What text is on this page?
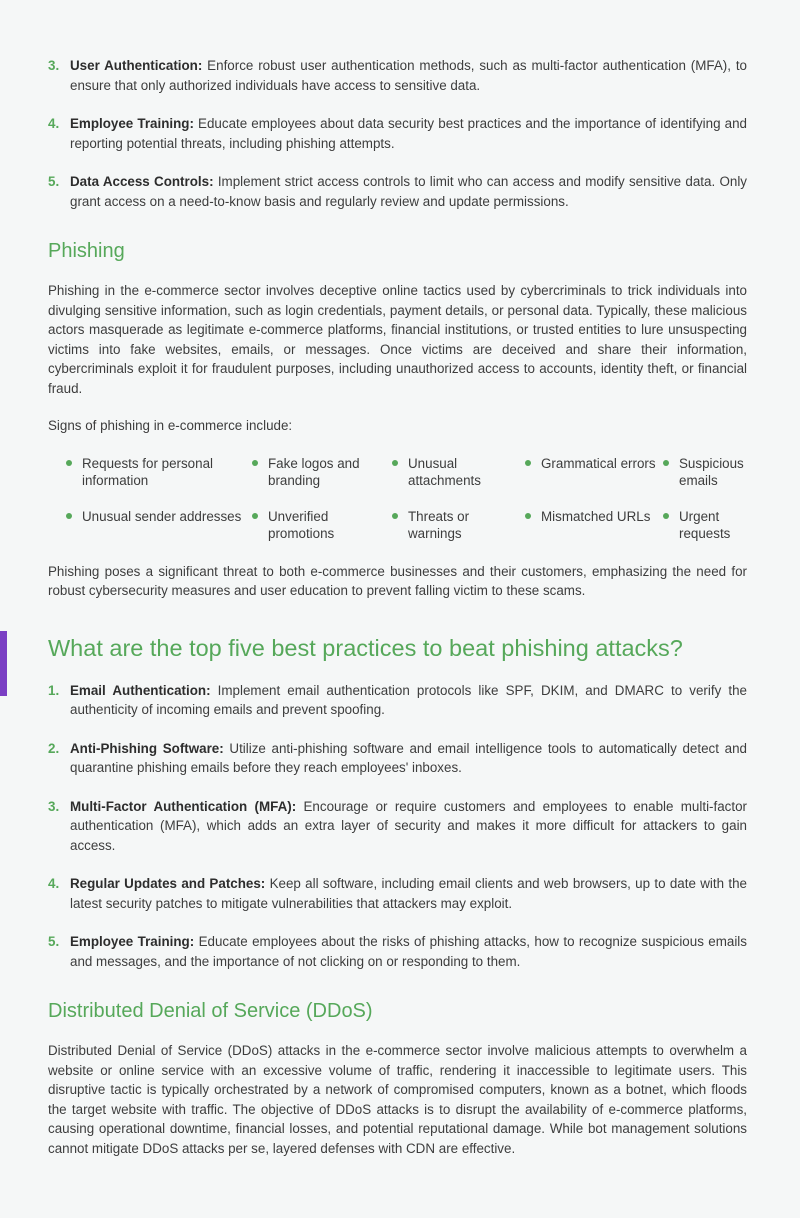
3. User Authentication: Enforce robust user authentication methods, such as multi-factor authentication (MFA), to ensure that only authorized individuals have access to sensitive data.
4. Employee Training: Educate employees about data security best practices and the importance of identifying and reporting potential threats, including phishing attempts.
5. Data Access Controls: Implement strict access controls to limit who can access and modify sensitive data. Only grant access on a need-to-know basis and regularly review and update permissions.
Phishing

Phishing in the e-commerce sector involves deceptive online tactics used by cybercriminals to trick individuals into divulging sensitive information, such as login credentials, payment details, or personal data. Typically, these malicious actors masquerade as legitimate e-commerce platforms, financial institutions, or trusted entities to lure unsuspecting victims into fake websites, emails, or messages. Once victims are deceived and share their information, cybercriminals exploit it for fraudulent purposes, including unauthorized access to accounts, identity theft, or financial fraud.

Signs of phishing in e-commerce include:

Requests for personal information
Fake logos and branding
Unusual attachments
Grammatical errors	Suspicious emails
Unusual sender addresses	Unverified promotions
Threats or warnings
Mismatched URLs	Urgent requests

Phishing poses a significant threat to both e-commerce businesses and their customers, emphasizing the need for robust cybersecurity measures and user education to prevent falling victim to these scams.

What are the top five best practices to beat phishing attacks?
1. Email Authentication: Implement email authentication protocols like SPF, DKIM, and DMARC to verify the authenticity of incoming emails and prevent spoofing.
2. Anti-Phishing Software: Utilize anti-phishing software and email intelligence tools to automatically detect and quarantine phishing emails before they reach employees' inboxes.
3. Multi-Factor Authentication (MFA): Encourage or require customers and employees to enable multi-factor authentication (MFA), which adds an extra layer of security and makes it more difficult for attackers to gain access.
4. Regular Updates and Patches: Keep all software, including email clients and web browsers, up to date with the latest security patches to mitigate vulnerabilities that attackers may exploit.
5. Employee Training: Educate employees about the risks of phishing attacks, how to recognize suspicious emails and messages, and the importance of not clicking on or responding to them.
Distributed Denial of Service (DDoS)

Distributed Denial of Service (DDoS) attacks in the e-commerce sector involve malicious attempts to overwhelm a website or online service with an excessive volume of traffic, rendering it inaccessible to legitimate users. This disruptive tactic is typically orchestrated by a network of compromised computers, known as a botnet, which floods the target website with traffic. The objective of DDoS attacks is to disrupt the availability of e-commerce platforms, causing operational downtime, financial losses, and potential reputational damage. While bot management solutions cannot mitigate DDoS attacks per se, layered defenses with CDN are effective.
